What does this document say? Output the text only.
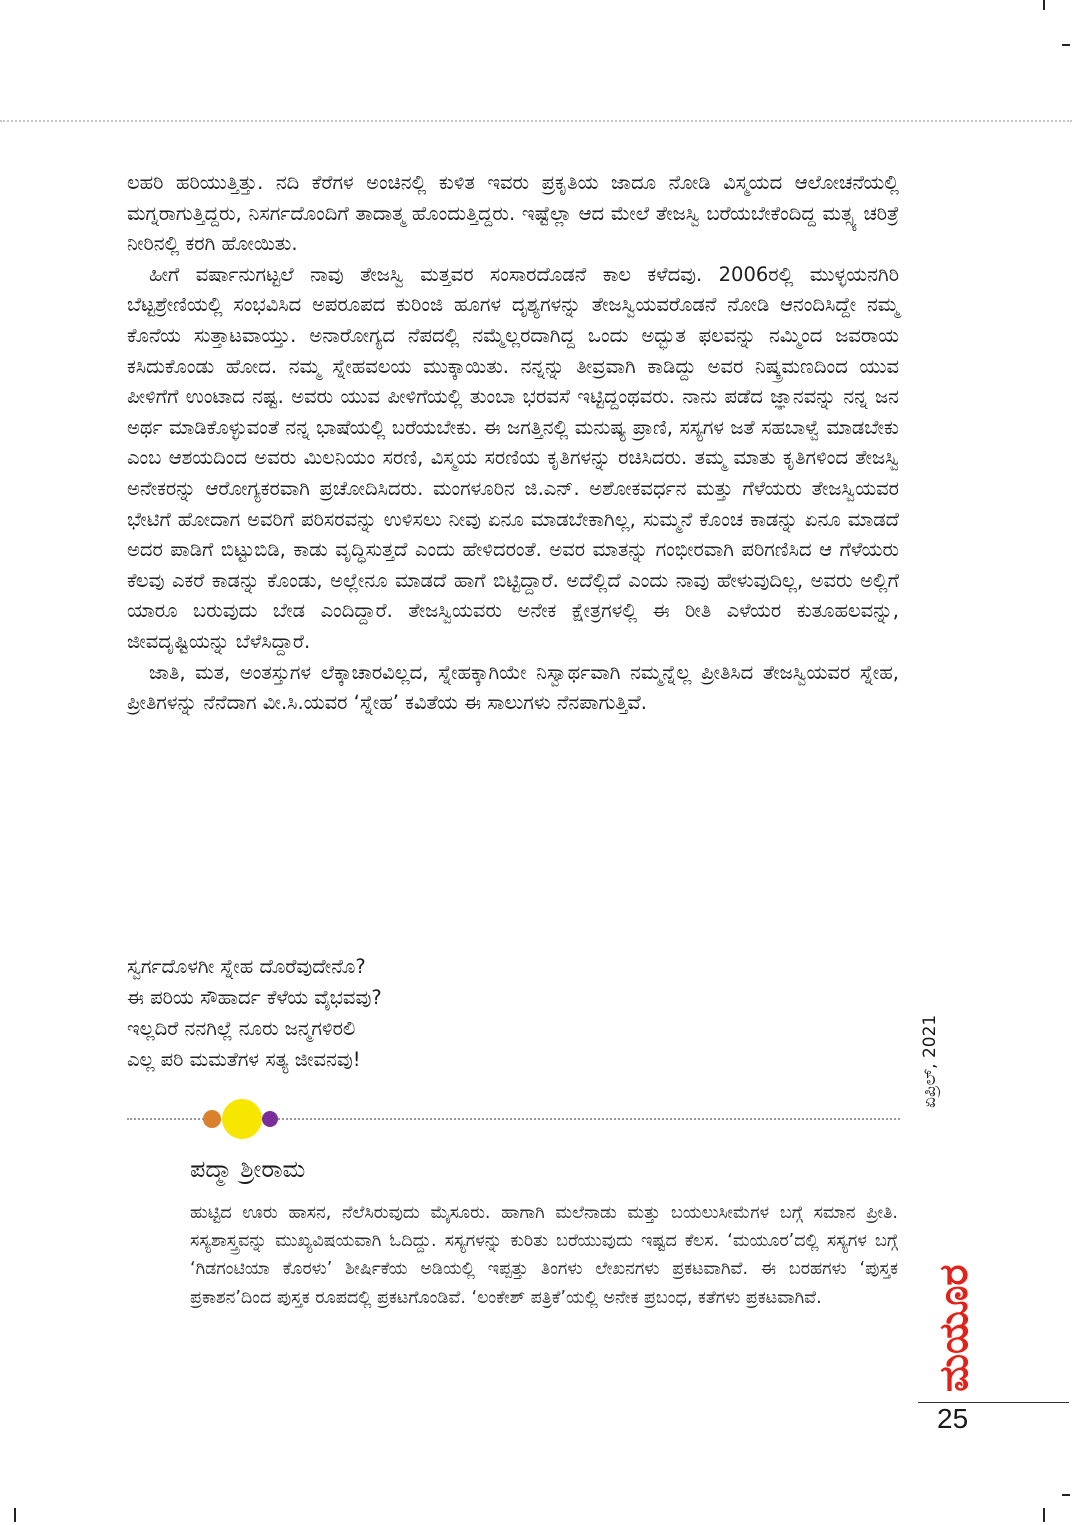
ಲಹರಿ ಹರಿಯುತ್ತಿತ್ತು. ನದಿ ಕೆರೆಗಳ ಅಂಚಿನಲ್ಲಿ ಕುಳಿತ ಇವರು ಪ್ರಕೃತಿಯ ಜಾದೂ ನೋಡಿ ವಿಸ್ಮಯದ ಆಲೋಚನೆಯಲ್ಲಿ ಮಗ್ನರಾಗುತ್ತಿದ್ದರು, ನಿಸರ್ಗದೊಂದಿಗೆ ತಾದಾತ್ಮ ಹೊಂದುತ್ತಿದ್ದರು. ಇಷ್ಟೆಲ್ಲಾ ಆದ ಮೇಲೆ ತೇಜಸ್ವಿ ಬರೆಯಬೇಕೆಂದಿದ್ದ ಮತ್ಸ್ಯ ಚರಿತ್ರೆ ನೀರಿನಲ್ಲಿ ಕರಗಿ ಹೋಯಿತು.

ಹೀಗೆ ವರ್ಷಾನುಗಟ್ಟಲೆ ನಾವು ತೇಜಸ್ವಿ ಮತ್ತವರ ಸಂಸಾರದೊಡನೆ ಕಾಲ ಕಳೆದವು. 2006ರಲ್ಲಿ ಮುಳ್ಳಯನಗಿರಿ ಬೆಟ್ಟಶ್ರೇಣಿಯಲ್ಲಿ ಸಂಭವಿಸಿದ ಅಪರೂಪದ ಕುರಿಂಜಿ ಹೂಗಳ ದೃಶ್ಯಗಳನ್ನು ತೇಜಸ್ವಿಯವರೊಡನೆ ನೋಡಿ ಆನಂದಿಸಿದ್ದೇ ನಮ್ಮ ಕೊನೆಯ ಸುತ್ತಾಟವಾಯ್ತು. ಅನಾರೋಗ್ಯದ ನೆಪದಲ್ಲಿ ನಮ್ಮೆಲ್ಲರದಾಗಿದ್ದ ಒಂದು ಅದ್ಭುತ ಫಲವನ್ನು ನಮ್ಮಿಂದ ಜವರಾಯ ಕಸಿದುಕೊಂಡು ಹೋದ. ನಮ್ಮ ಸ್ನೇಹವಲಯ ಮುಕ್ಕಾಯಿತು. ನನ್ನನ್ನು ತೀವ್ರವಾಗಿ ಕಾಡಿದ್ದು ಅವರ ನಿಷ್ಕ್ರಮಣದಿಂದ ಯುವ ಪೀಳಿಗೆಗೆ ಉಂಟಾದ ನಷ್ಟ. ಅವರು ಯುವ ಪೀಳಿಗೆಯಲ್ಲಿ ತುಂಬಾ ಭರವಸೆ ಇಟ್ಟಿದ್ದಂಥವರು. ನಾನು ಪಡೆದ ಜ್ಞಾನವನ್ನು ನನ್ನ ಜನ ಅರ್ಥ ಮಾಡಿಕೊಳ್ಳುವಂತೆ ನನ್ನ ಭಾಷೆಯಲ್ಲಿ ಬರೆಯಬೇಕು. ಈ ಜಗತ್ತಿನಲ್ಲಿ ಮನುಷ್ಯ ಪ್ರಾಣಿ, ಸಸ್ಯಗಳ ಜತೆ ಸಹಬಾಳ್ವೆ ಮಾಡಬೇಕು ಎಂಬ ಆಶಯದಿಂದ ಅವರು ಮಿಲನಿಯಂ ಸರಣಿ, ವಿಸ್ಮಯ ಸರಣಿಯ ಕೃತಿಗಳನ್ನು ರಚಿಸಿದರು. ತಮ್ಮ ಮಾತು ಕೃತಿಗಳಿಂದ ತೇಜಸ್ವಿ ಅನೇಕರನ್ನು ಆರೋಗ್ಯಕರವಾಗಿ ಪ್ರಚೋದಿಸಿದರು. ಮಂಗಳೂರಿನ ಜಿ.ಎನ್. ಅಶೋಕವರ್ಧನ ಮತ್ತು ಗೆಳೆಯರು ತೇಜಸ್ವಿಯವರ ಭೇಟಿಗೆ ಹೋದಾಗ ಅವರಿಗೆ ಪರಿಸರವನ್ನು ಉಳಿಸಲು ನೀವು ಏನೂ ಮಾಡಬೇಕಾಗಿಲ್ಲ, ಸುಮ್ಮನೆ ಕೊಂಚ ಕಾಡನ್ನು ಏನೂ ಮಾಡದೆ ಅದರ ಪಾಡಿಗೆ ಬಿಟ್ಟುಬಿಡಿ, ಕಾಡು ವೃದ್ಧಿಸುತ್ತದೆ ಎಂದು ಹೇಳಿದರಂತೆ. ಅವರ ಮಾತನ್ನು ಗಂಭೀರವಾಗಿ ಪರಿಗಣಿಸಿದ ಆ ಗೆಳೆಯರು ಕೆಲವು ಎಕರೆ ಕಾಡನ್ನು ಕೊಂಡು, ಅಲ್ಲೇನೂ ಮಾಡದೆ ಹಾಗೆ ಬಿಟ್ಟಿದ್ದಾರೆ. ಅದೆಲ್ಲಿದೆ ಎಂದು ನಾವು ಹೇಳುವುದಿಲ್ಲ, ಅವರು ಅಲ್ಲಿಗೆ ಯಾರೂ ಬರುವುದು ಬೇಡ ಎಂದಿದ್ದಾರೆ. ತೇಜಸ್ವಿಯವರು ಅನೇಕ ಕ್ಷೇತ್ರಗಳಲ್ಲಿ ಈ ರೀತಿ ಎಳೆಯರ ಕುತೂಹಲವನ್ನು, ಜೀವದೃಷ್ಟಿಯನ್ನು ಬೆಳೆಸಿದ್ದಾರೆ.

ಜಾತಿ, ಮತ, ಅಂತಸ್ತುಗಳ ಲೆಕ್ಕಾಚಾರವಿಲ್ಲದ, ಸ್ನೇಹಕ್ಕಾಗಿಯೇ ನಿಸ್ವಾರ್ಥವಾಗಿ ನಮ್ಮನ್ನೆಲ್ಲ ಪ್ರೀತಿಸಿದ ತೇಜಸ್ವಿಯವರ ಸ್ನೇಹ, ಪ್ರೀತಿಗಳನ್ನು ನೆನೆದಾಗ ವೀ.ಸಿ.ಯವರ ‘ಸ್ನೇಹ’ ಕವಿತೆಯ ಈ ಸಾಲುಗಳು ನೆನಪಾಗುತ್ತಿವೆ.

ಸ್ವರ್ಗದೊಳಗೀ ಸ್ನೇಹ ದೊರೆವುದೇನೊ?
ಈ ಪರಿಯ ಸೌಹಾರ್ದ ಕೆಳೆಯ ವೈಭವವು?
ಇಲ್ಲದಿರೆ ನನಗಿಲ್ಲೆ ನೂರು ಜನ್ಮಗಳಿರಲಿ
ಎಲ್ಲ ಪರಿ ಮಮತೆಗಳ ಸತ್ಯ ಜೀವನವು!
ಪದ್ಮಾ ಶ್ರೀರಾಮ
ಹುಟ್ಟಿದ ಊರು ಹಾಸನ, ನೆಲೆಸಿರುವುದು ಮೈಸೂರು. ಹಾಗಾಗಿ ಮಲೆನಾಡು ಮತ್ತು ಬಯಲುಸೀಮೆಗಳ ಬಗ್ಗೆ ಸಮಾನ ಪ್ರೀತಿ. ಸಸ್ಯಶಾಸ್ತ್ರವನ್ನು ಮುಖ್ಯವಿಷಯವಾಗಿ ಓದಿದ್ದು. ಸಸ್ಯಗಳನ್ನು ಕುರಿತು ಬರೆಯುವುದು ಇಷ್ಟದ ಕೆಲಸ. ‘ಮಯೂರ’ದಲ್ಲಿ ಸಸ್ಯಗಳ ಬಗ್ಗೆ ‘ಗಿಡಗಂಟಿಯಾ ಕೊರಳು’ ಶೀರ್ಷಿಕೆಯ ಅಡಿಯಲ್ಲಿ ಇಪ್ಪತ್ತು ತಿಂಗಳು ಲೇಖನಗಳು ಪ್ರಕಟವಾಗಿವೆ. ಈ ಬರಹಗಳು ‘ಪುಸ್ತಕ ಪ್ರಕಾಶನ’ದಿಂದ ಪುಸ್ತಕ ರೂಪದಲ್ಲಿ ಪ್ರಕಟಗೊಂಡಿವೆ. ‘ಲಂಕೇಶ್ ಪತ್ರಿಕೆ’ಯಲ್ಲಿ ಅನೇಕ ಪ್ರಬಂಧ, ಕತೆಗಳು ಪ್ರಕಟವಾಗಿವೆ.
ಏಪ್ರಿಲ್, 2021
ಮಯೂರ
25
